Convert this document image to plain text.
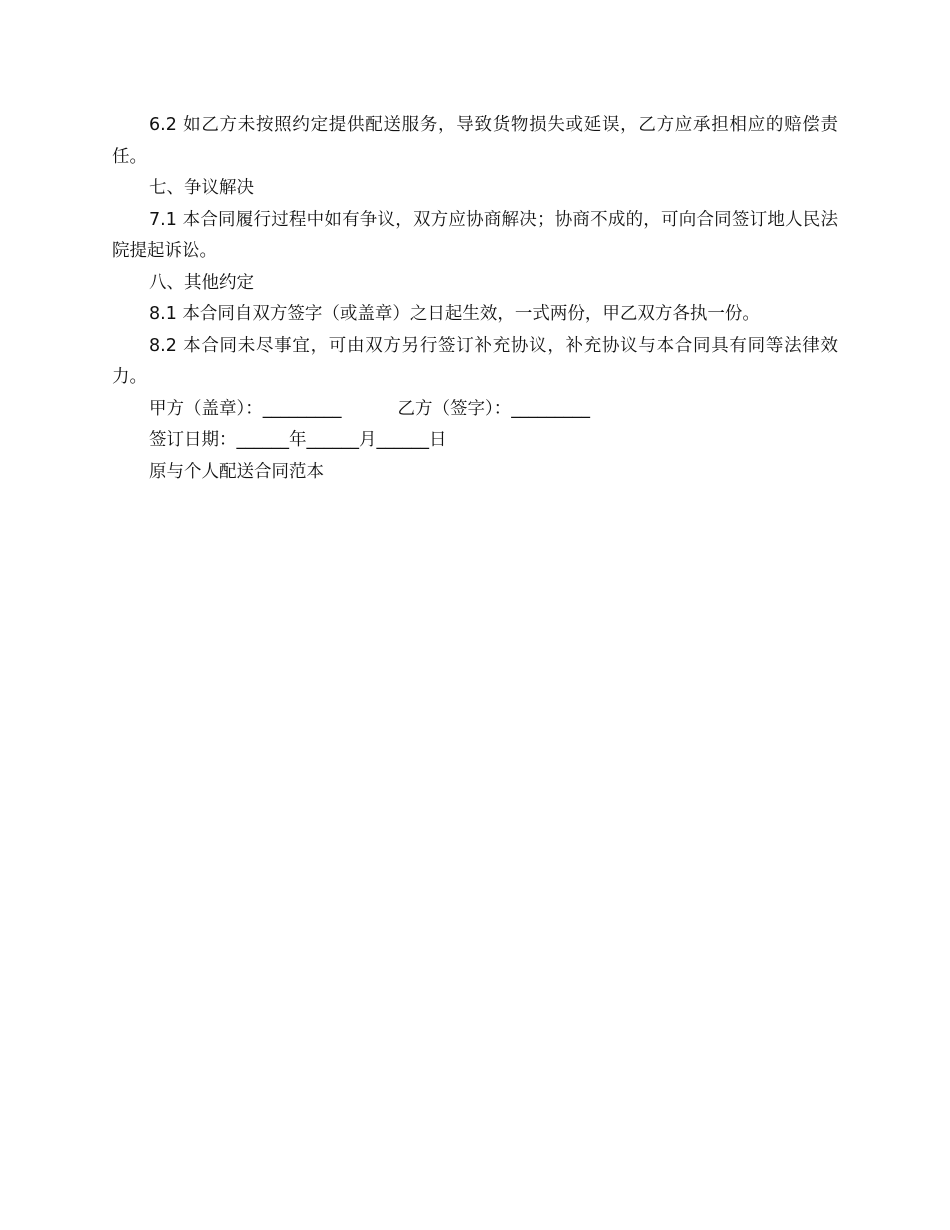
6.2 如乙方未按照约定提供配送服务，导致货物损失或延误，乙方应承担相应的赔偿责任。

七、争议解决

7.1 本合同履行过程中如有争议，双方应协商解决；协商不成的，可向合同签订地人民法院提起诉讼。

八、其他约定

8.1 本合同自双方签字（或盖章）之日起生效，一式两份，甲乙双方各执一份。

8.2 本合同未尽事宜，可由双方另行签订补充协议，补充协议与本合同具有同等法律效力。

甲方（盖章）：_________	乙方（签字）：_________
签订日期：______年______月______日
原与个人配送合同范本
